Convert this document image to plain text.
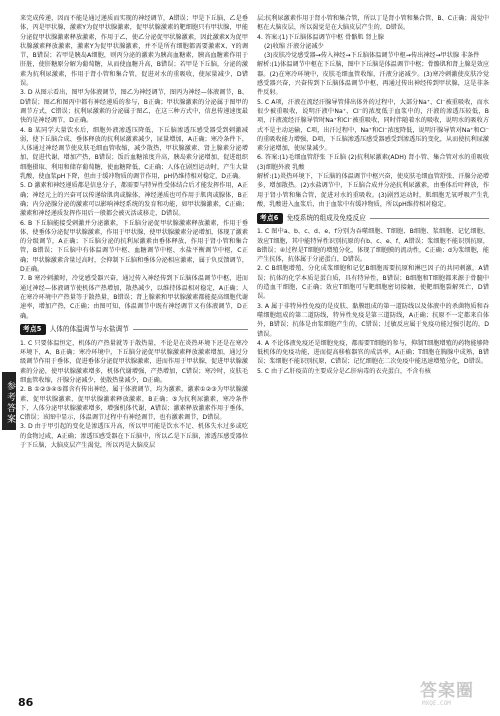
参考答案

来完成传递，因而不能是通过递质而实现的神经调节，A错误；甲是下丘脑，乙是垂体，丙是甲状腺，激素Y为促甲状腺激素，促甲状腺激素的靶细胞只有甲状腺，甲能分泌促甲状腺激素释放激素，作用于乙，使乙分泌促甲状腺激素，因此激素X为促甲状腺激素释放激素，激素Y为促甲状腺激素，并不是所有细胞都需要激素X、Y的调节，B错误；若甲是胰岛A细胞，则丙分泌的激素为胰高血糖素，胰高血糖素作用于肝脏，使肝糖原分解为葡萄糖，从而使血糖升高，B错误；若甲是下丘脑，分泌的激素为抗利尿激素，作用于肾小管和集合管，促进对水的重吸收，使尿量减少，D错误。

3. D 从图示看出，图甲为体液调节，图乙为神经调节，图丙为神经—体液调节，B、D错误；图乙和图丙中都有神经递质的参与，B正确；甲状腺激素的分泌属于图甲的调节方式，C错误；抗利尿激素的分泌属于图乙，在这三种方式中，信息传递速度最快的是神经调节，D正确。

4. B 某同学大量饮水后，细胞外液渗透压降低，下丘脑渗透压感受器受到刺激减弱，使下丘脑合成、垂体释放的抗利尿激素减少，尿量增加，A正确；寒冷条件下，人体通过神经调节使皮肤毛细血管收缩，减少散热，甲状腺激素、肾上腺素分泌增加，促进代谢、增加产热，B错误；饭后血糖浓度升高，胰岛素分泌增加，促进组织细胞摄取、利用和储存葡萄糖，使血糖降低，C正确；人体在剧烈运动时，产生大量乳酸，使血浆pH下降，但由于缓冲物质的调节作用，pH仍维持相对稳定，D正确。

5. D 激素和神经递质都是信息分子，都需要与特异性受体结合后才能发挥作用，A正确；神经元上的兴奋可以传递给肌肉或腺体，神经递质也可作用于肌肉或腺体，B正确；内分泌腺分泌的激素可以影响神经系统的发育和功能，如甲状腺激素，C正确；激素和神经递质发挥作用后一般都会被灭活或移走，D错误。

6. B 下丘脑能接受刺激并分泌激素，下丘脑分泌促甲状腺激素释放激素，作用于垂体，使垂体分泌促甲状腺激素，作用于甲状腺，使甲状腺激素分泌增加，体现了激素的分级调节，A正确；下丘脑分泌的抗利尿激素由垂体释放，作用于肾小管和集合管，B错误；下丘脑中有体温调节中枢、血糖调节中枢、水盐平衡调节中枢，C正确；甲状腺激素含量过高时，会抑制下丘脑和垂体分泌相应激素，属于负反馈调节，D正确。

7. B 寒冷刺激时，冷觉感受器兴奋，通过传入神经传到下丘脑体温调节中枢，进而通过神经—体液调节使机体产热增加，散热减少，以维持体温相对稳定，A正确；人在寒冷环境中产热量等于散热量，B错误；肾上腺素和甲状腺激素都能提高细胞代谢速率，增加产热，C正确；由图可知，体温调节中既有神经调节又有体液调节，D正确。

考点5	人体的体温调节与水盐调节

1. C 只要体温恒定，机体的产热量就等于散热量，不论是在炎热环境下还是在寒冷环境下，A、B正确；寒冷环境中，下丘脑分泌促甲状腺激素释放激素增加，通过分级调节作用于垂体，促进垂体分泌促甲状腺激素，进而作用于甲状腺，促进甲状腺激素的分泌，使甲状腺激素增多，机体代谢增强，产热增加，C错误；寒冷时，皮肤毛细血管收缩，汗腺分泌减少，使散热量减少，D正确。

2. B ①②③④⑤都含有传出神经，属于体液调节，均为激素，激素①②③为甲状腺激素、促甲状腺激素、促甲状腺激素释放激素，B正确；⑤为抗利尿激素，寒冷条件下，人体分泌甲状腺激素增多，增强机体代谢，A错误；激素释放激素作用于垂体，C错误；该图中显示，体温调节过程中有神经调节，也有激素调节，D错误。

3. D 由于甲引起的变化是渗透压升高，所以甲可能是饮水不足、机体失水过多或吃的食物过咸，A正确；渗透压感受器在下丘脑中，所以乙是下丘脑，渗透压感受器位于下丘脑，大脑皮层产生渴觉，所以丙是大脑皮层

层;抗利尿激素作用于肾小管和集合管，所以丁是肾小管和集合管，B、C正确；渴觉中枢在大脑皮层，所以渴觉是在大脑皮层产生的，D错误。

4. 答案:(1)下丘脑体温调节中枢 骨骼肌 肾上腺

(2)收缩 汗液分泌减少

(3)皮肤冷觉感受器→传入神经→下丘脑体温调节中枢→传出神经→甲状腺 非条件

解析:(1)体温调节中枢在下丘脑，图中下丘脑是体温调节中枢；骨骼肌和肾上腺是效应器。(2)在寒冷环境中，皮肤毛细血管收缩，汗液分泌减少。(3)寒冷刺激使皮肤冷觉感受器兴奋，兴奋传到下丘脑体温调节中枢，再通过传出神经传到甲状腺，这是非条件反射。

5. C A项，汗液在流经汗腺导管排出体外的过程中，大部分Na⁺、Cl⁻被重吸收，而水很少被重吸收，说明汗液中Na⁺、Cl⁻的浓度低于血浆中的，汗液的渗透压较低，B项，汗液流经汗腺导管时Na⁺和Cl⁻被重吸收，同时伴随着水的吸收，说明水的吸收方式不是主动运输，C项，出汗过程中，Na⁺和Cl⁻浓度降低，说明汗腺导管对Na⁺和Cl⁻的重吸收能力增强，D项，下丘脑渗透压感受器感受到渗透压的变化，从而使抗利尿激素分泌增加，使尿量减少。

6. 答案:(1)毛细血管舒张 下丘脑 (2)抗利尿激素(ADH) 肾小管、集合管对水的重吸收 (3)细胞外液 乳酸

解析:(1)炎热环境下，下丘脑的体温调节中枢兴奋，使皮肤毛细血管舒张，汗腺分泌增多，增加散热。(2)水盐调节中，下丘脑合成并分泌抗利尿激素，由垂体后叶释放，作用于肾小管和集合管，促进对水的重吸收。(3)剧烈运动时，肌细胞无氧呼吸产生乳酸，乳酸进入血浆后，由于血浆中有缓冲物质，所以pH维持相对稳定。

考点6	免疫系统的组成及免疫反应

1. C 图中a、b、c、d、e、f分别为吞噬细胞、T细胞、B细胞、浆细胞、记忆细胞、效应T细胞，其中能特异性识别抗原的有b、c、e、f，A错误；浆细胞不能识别抗原，B错误；④过程是T细胞的增殖分化，体现了细胞膜的流动性，C正确；d为浆细胞，能产生抗体，抗体属于分泌蛋白，D错误。

2. C B细胞增殖、分化成浆细胞和记忆B细胞需要抗原和淋巴因子的共同刺激，A错误；抗体的化学本质是蛋白质，具有特异性，B错误；B细胞和T细胞都来源于骨髓中的造血干细胞，C正确；效应T细胞可与靶细胞密切接触，使靶细胞裂解死亡，D错误。

3. A 属于非特异性免疫的是皮肤、黏膜组成的第一道防线以及体液中的杀菌物质和吞噬细胞组成的第二道防线，特异性免疫是第三道防线，A正确；抗原不一定都来自体外，B错误；抗体是由浆细胞产生的，C错误；过敏反应属于免疫功能过强引起的，D错误。

4. A 不论体液免疫还是细胞免疫，都需要T细胞的参与，抑制T细胞增殖的药物能够降低机体的免疫功能，进而提高移植器官的成活率，A正确；T细胞在胸腺中成熟，B错误；浆细胞不能识别抗原，C错误；记忆细胞在二次免疫中能迅速增殖分化，D错误。

5. C 由于乙肝疫苗的主要成分是乙肝病毒的衣壳蛋白，不含有核

86
答案圈
MXQE.COM
